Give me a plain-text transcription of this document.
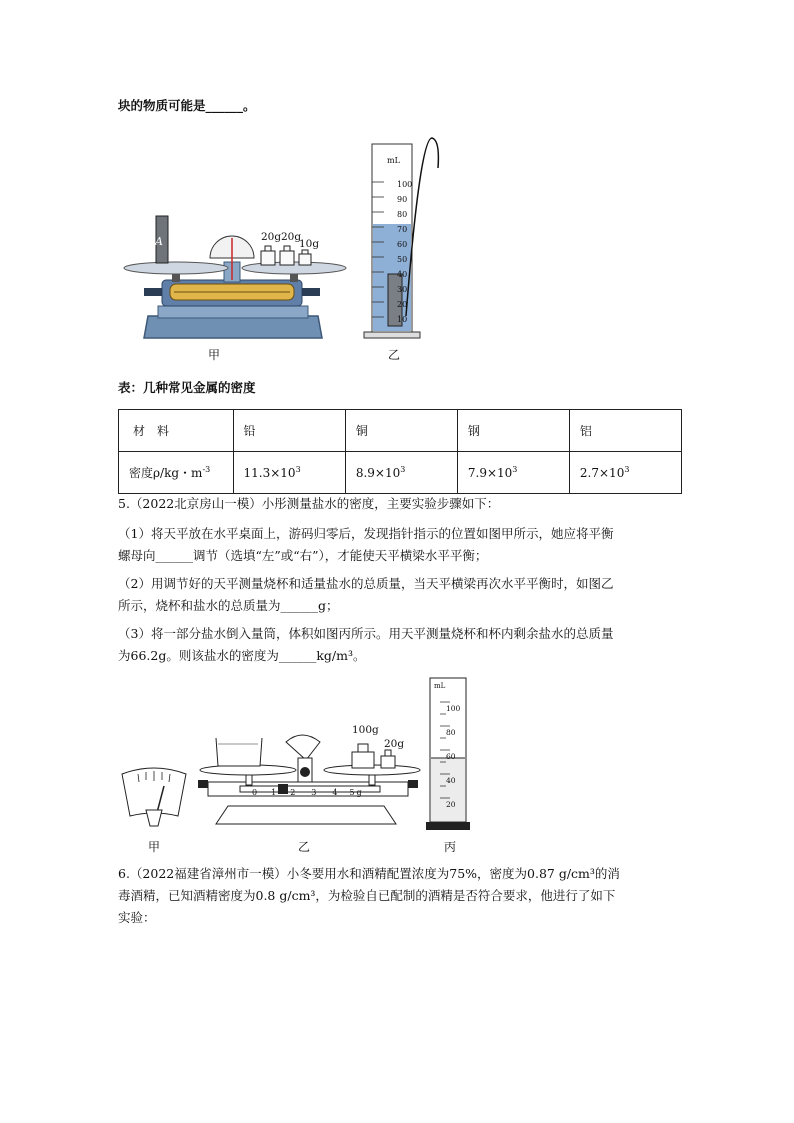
块的物质可能是______。
A	20g 20g
10g
甲
mL
100
90
80
70
60
50
40
30
20
10
乙
表：几种常见金属的密度
材　料	铅	铜	钢	铝
密度ρ/kg・$m^{-3}$	$11.3\times 10^3$	$8.9\times 10^3$	$7.9\times 10^3$	$2.7\times 10^3$
5.（2022北京房山一模）小彤测量盐水的密度，主要实验步骤如下：
（1）将天平放在水平桌面上，游码归零后，发现指针指示的位置如图甲所示，她应将平衡
螺母向______调节（选填“左”或“右”），才能使天平横梁水平平衡；
（2）用调节好的天平测量烧杯和适量盐水的总质量，当天平横梁再次水平平衡时，如图乙
所示，烧杯和盐水的总质量为______g；
（3）将一部分盐水倒入量筒，体积如图丙所示。用天平测量烧杯和杯内剩余盐水的总质量
为66.2g。则该盐水的密度为______kg/m³。
甲
100g
20g
0 1 2 3 4 5g
乙
mL
100
80
60
40
20
丙
6.（2022福建省漳州市一模）小冬要用水和酒精配置浓度为75%，密度为0.87 g/cm³的消
毒酒精，已知酒精密度为0.8 g/cm³，为检验自已配制的酒精是否符合要求，他进行了如下
实验：
